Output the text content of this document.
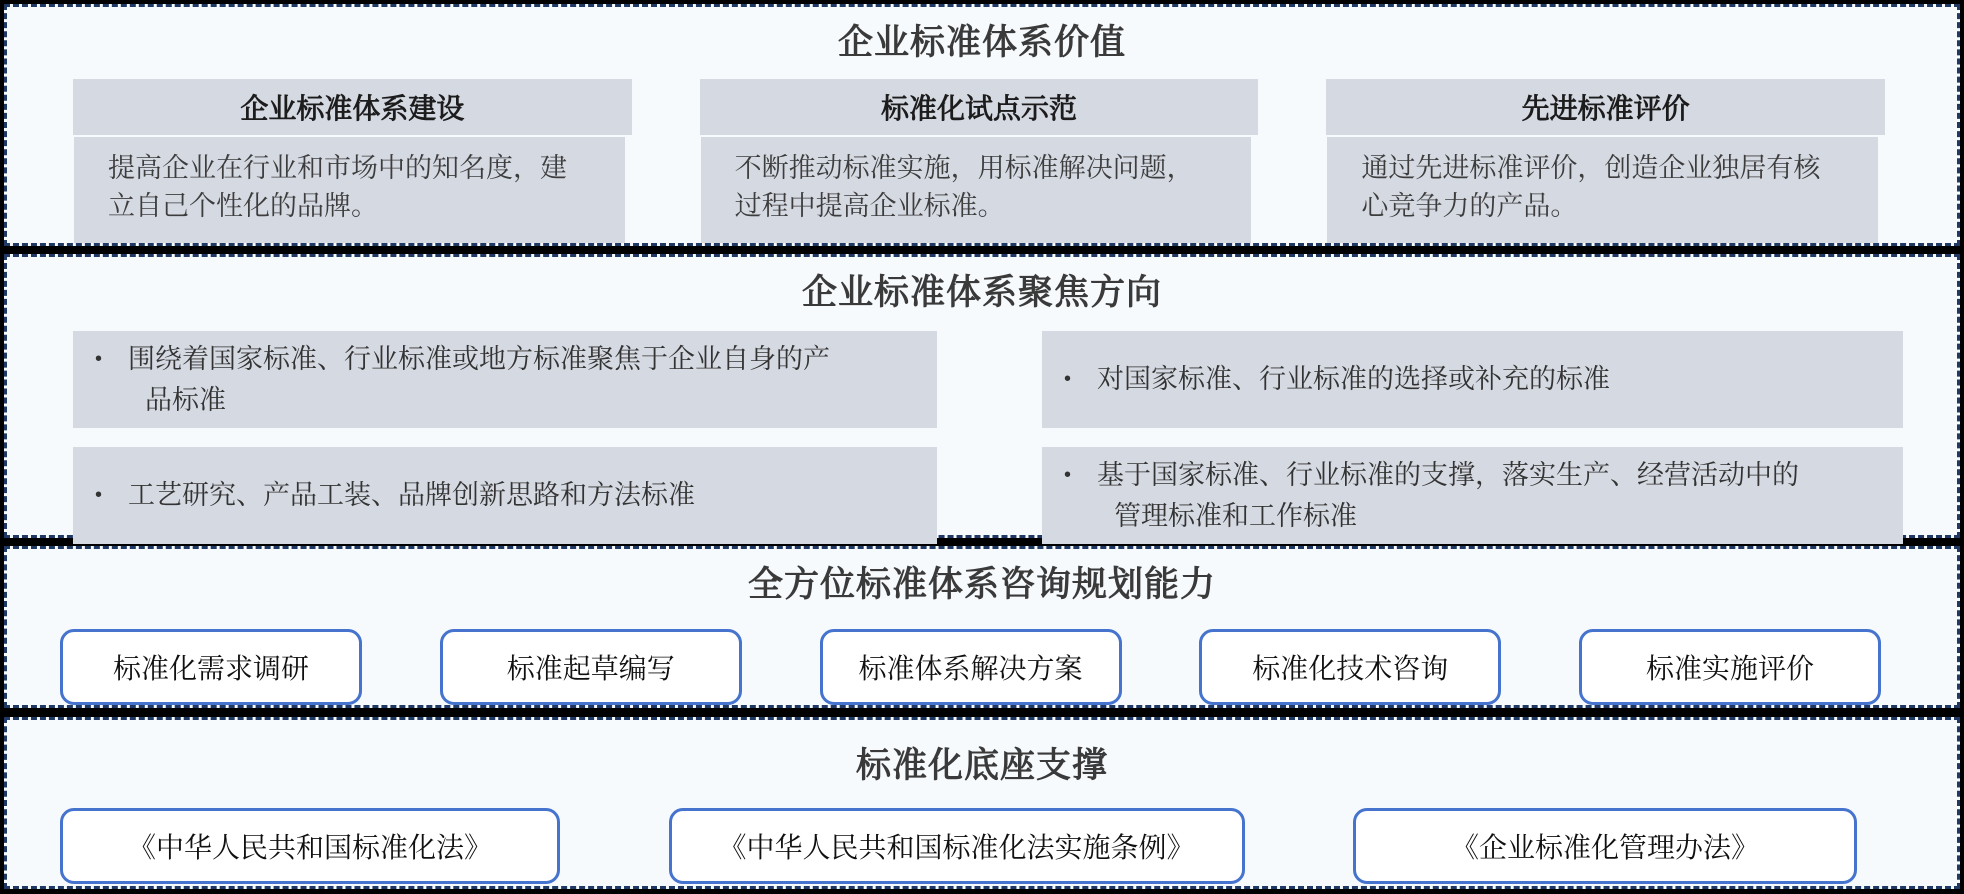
企业标准体系价值
企业标准体系建设
提高企业在行业和市场中的知名度，建立自己个性化的品牌。
标准化试点示范
不断推动标准实施，用标准解决问题，过程中提高企业标准。
先进标准评价
通过先进标准评价，创造企业独居有核心竞争力的产品。
企业标准体系聚焦方向
• 围绕着国家标准、行业标准或地方标准聚焦于企业自身的产品标准
• 对国家标准、行业标准的选择或补充的标准
• 工艺研究、产品工装、品牌创新思路和方法标准
• 基于国家标准、行业标准的支撑，落实生产、经营活动中的管理标准和工作标准
全方位标准体系咨询规划能力
标准化需求调研	标准起草编写	标准体系解决方案	标准化技术咨询	标准实施评价
标准化底座支撑
《中华人民共和国标准化法》	《中华人民共和国标准化法实施条例》	《企业标准化管理办法》
